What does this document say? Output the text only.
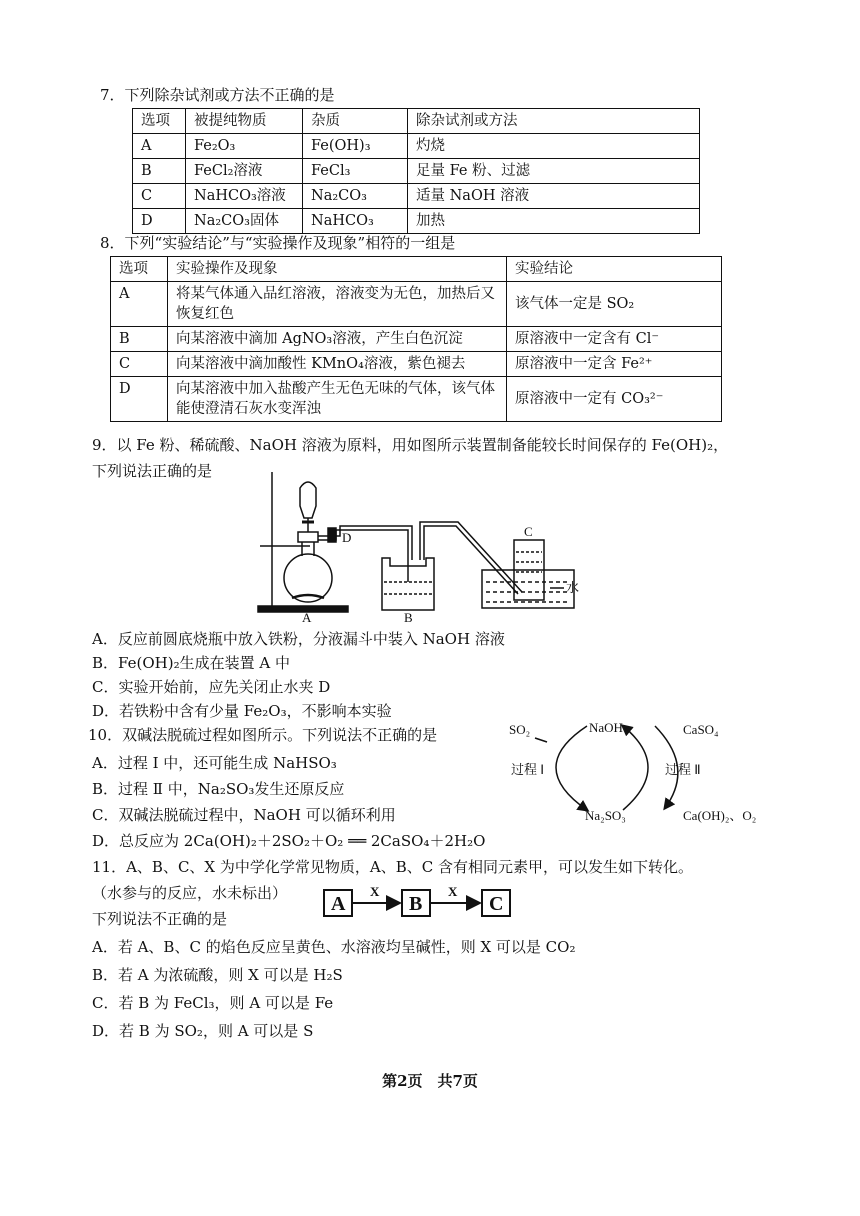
7．下列除杂试剂或方法不正确的是
选项	被提纯物质	杂质	除杂试剂或方法
A	Fe₂O₃	Fe(OH)₃	灼烧
B	FeCl₂溶液	FeCl₃	足量 Fe 粉、过滤
C	NaHCO₃溶液	Na₂CO₃	适量 NaOH 溶液
D	Na₂CO₃固体	NaHCO₃	加热
8．下列“实验结论”与“实验操作及现象”相符的一组是
选项	实验操作及现象	实验结论
A	将某气体通入品红溶液，溶液变为无色，加热后又恢复红色	该气体一定是 SO₂
B	向某溶液中滴加 AgNO₃溶液，产生白色沉淀	原溶液中一定含有 Cl⁻
C	向某溶液中滴加酸性 KMnO₄溶液，紫色褪去	原溶液中一定含 Fe²⁺
D	向某溶液中加入盐酸产生无色无味的气体，该气体能使澄清石灰水变浑浊	原溶液中一定有 CO₃²⁻
9．以 Fe 粉、稀硫酸、NaOH 溶液为原料，用如图所示装置制备能较长时间保存的 Fe(OH)₂，
下列说法正确的是
A	B
C
D
水
A．反应前圆底烧瓶中放入铁粉，分液漏斗中装入 NaOH 溶液
B．Fe(OH)₂生成在装置 A 中
C．实验开始前，应先关闭止水夹 D
D．若铁粉中含有少量 Fe₂O₃，不影响本实验
10．双碱法脱硫过程如图所示。下列说法不正确的是	SO₂	NaOH	CaSO₄
Na₂SO₃	Ca(OH)₂、O₂
过程 Ⅰ	过程 Ⅱ
A．过程 Ⅰ 中，还可能生成 NaHSO₃
B．过程 Ⅱ 中，Na₂SO₃发生还原反应
C．双碱法脱硫过程中，NaOH 可以循环利用
D．总反应为 2Ca(OH)₂＋2SO₂＋O₂ ══ 2CaSO₄＋2H₂O
11．A、B、C、X 为中学化学常见物质，A、B、C 含有相同元素甲，可以发生如下转化。
（水参与的反应，水未标出）
下列说法不正确的是
A	B	C
X	X
A．若 A、B、C 的焰色反应呈黄色、水溶液均呈碱性，则 X 可以是 CO₂
B．若 A 为浓硫酸，则 X 可以是 H₂S
C．若 B 为 FeCl₃，则 A 可以是 Fe
D．若 B 为 SO₂，则 A 可以是 S
第2页　共7页
